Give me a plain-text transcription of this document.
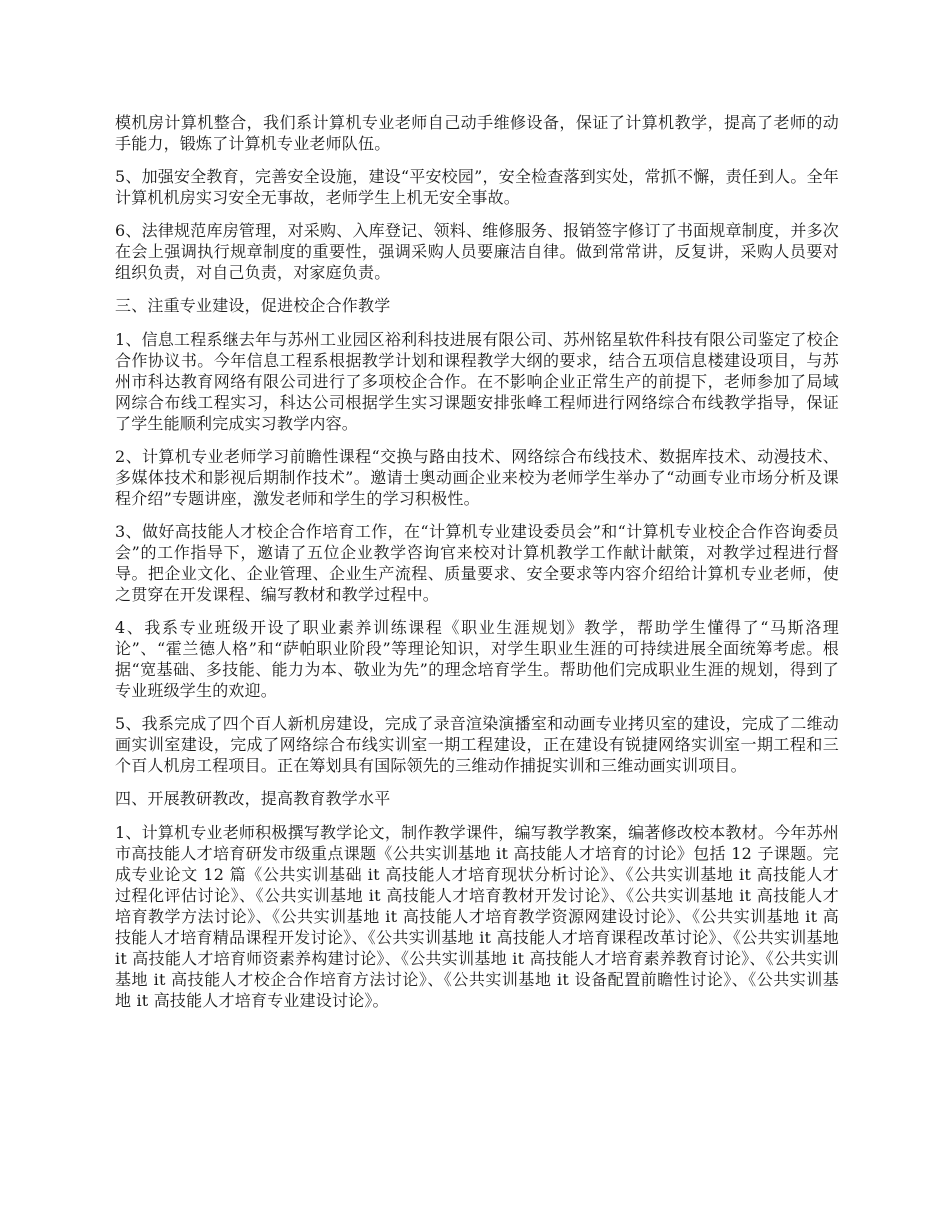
模机房计算机整合，我们系计算机专业老师自己动手维修设备，保证了计算机教学，提高了老师的动手能力，锻炼了计算机专业老师队伍。

5、加强安全教育，完善安全设施，建设“平安校园”，安全检查落到实处，常抓不懈，责任到人。全年计算机机房实习安全无事故，老师学生上机无安全事故。

6、法律规范库房管理，对采购、入库登记、领料、维修服务、报销签字修订了书面规章制度，并多次在会上强调执行规章制度的重要性，强调采购人员要廉洁自律。做到常常讲，反复讲，采购人员要对组织负责，对自己负责，对家庭负责。

三、注重专业建设，促进校企合作教学

1、信息工程系继去年与苏州工业园区裕利科技进展有限公司、苏州铭星软件科技有限公司鉴定了校企合作协议书。今年信息工程系根据教学计划和课程教学大纲的要求，结合五项信息楼建设项目，与苏州市科达教育网络有限公司进行了多项校企合作。在不影响企业正常生产的前提下，老师参加了局域网综合布线工程实习，科达公司根据学生实习课题安排张峰工程师进行网络综合布线教学指导，保证了学生能顺利完成实习教学内容。

2、计算机专业老师学习前瞻性课程“交换与路由技术、网络综合布线技术、数据库技术、动漫技术、多媒体技术和影视后期制作技术”。邀请士奥动画企业来校为老师学生举办了“动画专业市场分析及课程介绍”专题讲座，激发老师和学生的学习积极性。

3、做好高技能人才校企合作培育工作，在“计算机专业建设委员会”和“计算机专业校企合作咨询委员会”的工作指导下，邀请了五位企业教学咨询官来校对计算机教学工作献计献策，对教学过程进行督导。把企业文化、企业管理、企业生产流程、质量要求、安全要求等内容介绍给计算机专业老师，使之贯穿在开发课程、编写教材和教学过程中。

4、我系专业班级开设了职业素养训练课程《职业生涯规划》教学，帮助学生懂得了“马斯洛理论”、“霍兰德人格”和“萨帕职业阶段”等理论知识，对学生职业生涯的可持续进展全面统筹考虑。根据“宽基础、多技能、能力为本、敬业为先”的理念培育学生。帮助他们完成职业生涯的规划，得到了专业班级学生的欢迎。

5、我系完成了四个百人新机房建设，完成了录音渲染演播室和动画专业拷贝室的建设，完成了二维动画实训室建设，完成了网络综合布线实训室一期工程建设，正在建设有锐捷网络实训室一期工程和三个百人机房工程项目。正在筹划具有国际领先的三维动作捕捉实训和三维动画实训项目。

四、开展教研教改，提高教育教学水平

1、计算机专业老师积极撰写教学论文，制作教学课件，编写教学教案，编著修改校本教材。今年苏州市高技能人才培育研发市级重点课题《公共实训基地 it 高技能人才培育的讨论》包括 12 子课题。完成专业论文 12 篇《公共实训基础 it 高技能人才培育现状分析讨论》、《公共实训基地 it 高技能人才过程化评估讨论》、《公共实训基地 it 高技能人才培育教材开发讨论》、《公共实训基地 it 高技能人才培育教学方法讨论》、《公共实训基地 it 高技能人才培育教学资源网建设讨论》、《公共实训基地 it 高技能人才培育精品课程开发讨论》、《公共实训基地 it 高技能人才培育课程改革讨论》、《公共实训基地 it 高技能人才培育师资素养构建讨论》、《公共实训基地 it 高技能人才培育素养教育讨论》、《公共实训基地 it 高技能人才校企合作培育方法讨论》、《公共实训基地 it 设备配置前瞻性讨论》、《公共实训基地 it 高技能人才培育专业建设讨论》。
